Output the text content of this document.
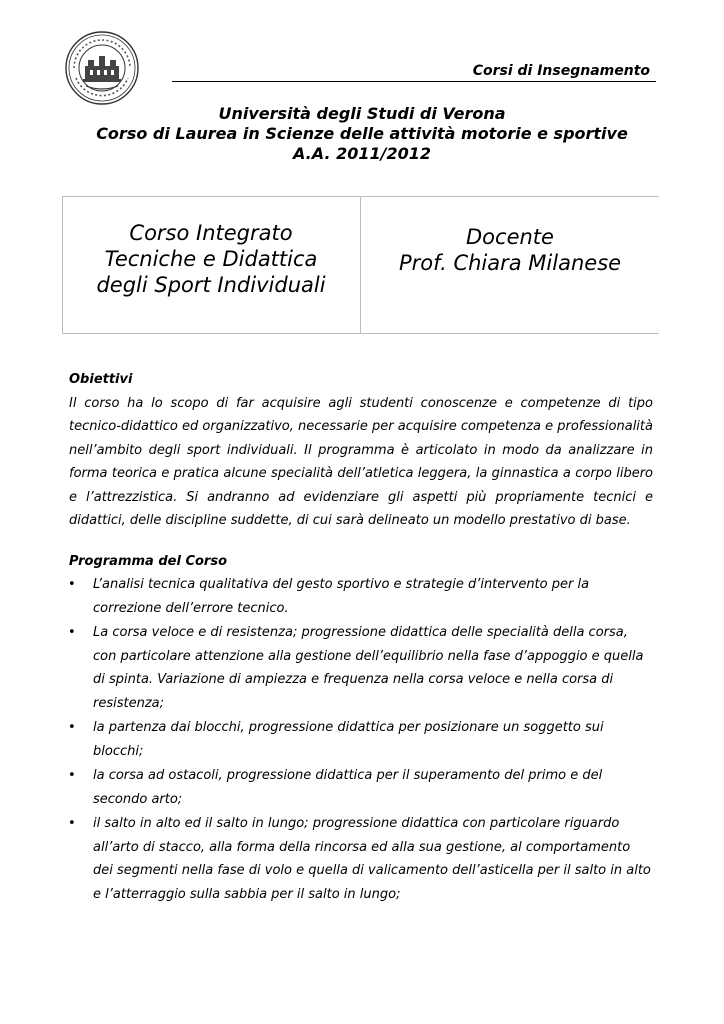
Corsi di Insegnamento
Università degli Studi di Verona
Corso di Laurea in Scienze delle attività motorie e sportive
A.A. 2011/2012
Corso Integrato
Tecniche e Didattica
degli Sport Individuali
Docente
Prof. Chiara Milanese

Obiettivi

Il corso ha lo scopo di far acquisire agli studenti conoscenze e competenze di tipo tecnico-didattico ed organizzativo, necessarie per acquisire competenza e professionalità nell’ambito degli sport individuali. Il programma è articolato in modo da analizzare in forma teorica e pratica alcune specialità dell’atletica leggera, la ginnastica a corpo libero e l’attrezzistica. Si andranno ad evidenziare gli aspetti più propriamente tecnici e didattici, delle discipline suddette, di cui sarà delineato un modello prestativo di base.

Programma del Corso

• L’analisi tecnica qualitativa del gesto sportivo e strategie d’intervento per la correzione dell’errore tecnico.
• La corsa veloce e di resistenza; progressione didattica delle specialità della corsa, con particolare attenzione alla gestione dell’equilibrio nella fase d’appoggio e quella di spinta. Variazione di ampiezza e frequenza nella corsa veloce e nella corsa di resistenza;
• la partenza dai blocchi, progressione didattica per posizionare un soggetto sui blocchi;
• la corsa ad ostacoli, progressione didattica per il superamento del primo e del secondo arto;
• il salto in alto ed il salto in lungo; progressione didattica con particolare riguardo all’arto di stacco, alla forma della rincorsa ed alla sua gestione, al comportamento dei segmenti nella fase di volo e quella di valicamento dell’asticella per il salto in alto e l’atterraggio sulla sabbia per il salto in lungo;
